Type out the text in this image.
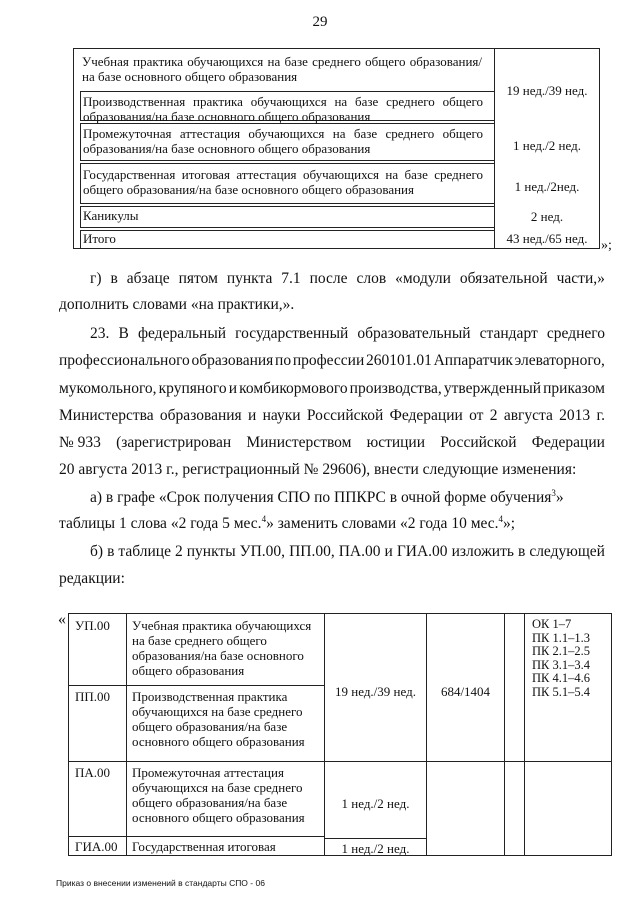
29
Учебная практика обучающихся на базе среднего общего образования/на базе основного общего образования
Производственная практика обучающихся на базе среднего общего образования/на базе основного общего образования
Промежуточная аттестация обучающихся на базе среднего общего образования/на базе основного общего образования
Государственная итоговая аттестация обучающихся на базе среднего общего образования/на базе основного общего образования
Каникулы
Итого
19 нед./39 нед.
1 нед./2 нед.
1 нед./2нед.
2 нед.
43 нед./65 нед. »;
г) в абзаце пятом пункта 7.1 после слов «модули обязательной части,»
дополнить словами «на практики,».
23. В федеральный государственный образовательный стандарт среднего
профессионального образования по профессии 260101.01 Аппаратчик элеваторного,
мукомольного, крупяного и комбикормового производства, утвержденный приказом
Министерства образования и науки Российской Федерации от 2 августа 2013 г.
№ 933 (зарегистрирован Министерством юстиции Российской Федерации
20 августа 2013 г., регистрационный № 29606), внести следующие изменения:
а) в графе «Срок получения СПО по ППКРС в очной форме обучения$^3$»
таблицы 1 слова «2 года 5 мес.$^4$» заменить словами «2 года 10 мес.$^4$»;
б) в таблице 2 пункты УП.00, ПП.00, ПА.00 и ГИА.00 изложить в следующей
редакции:
« УП.00 Учебная практика обучающихся на базе среднего общего образования/на базе основного общего образования
ПП.00 Производственная практика обучающихся на базе среднего общего образования/на базе основного общего образования
ПА.00 Промежуточная аттестация обучающихся на базе среднего общего образования/на базе основного общего образования
ГИА.00 Государственная итоговая
19 нед./39 нед.	684/1404
1 нед./2 нед.
1 нед./2 нед.
ОК 1–7
ПК 1.1–1.3
ПК 2.1–2.5
ПК 3.1–3.4
ПК 4.1–4.6
ПК 5.1–5.4
Приказ о внесении изменений в стандарты СПО - 06
